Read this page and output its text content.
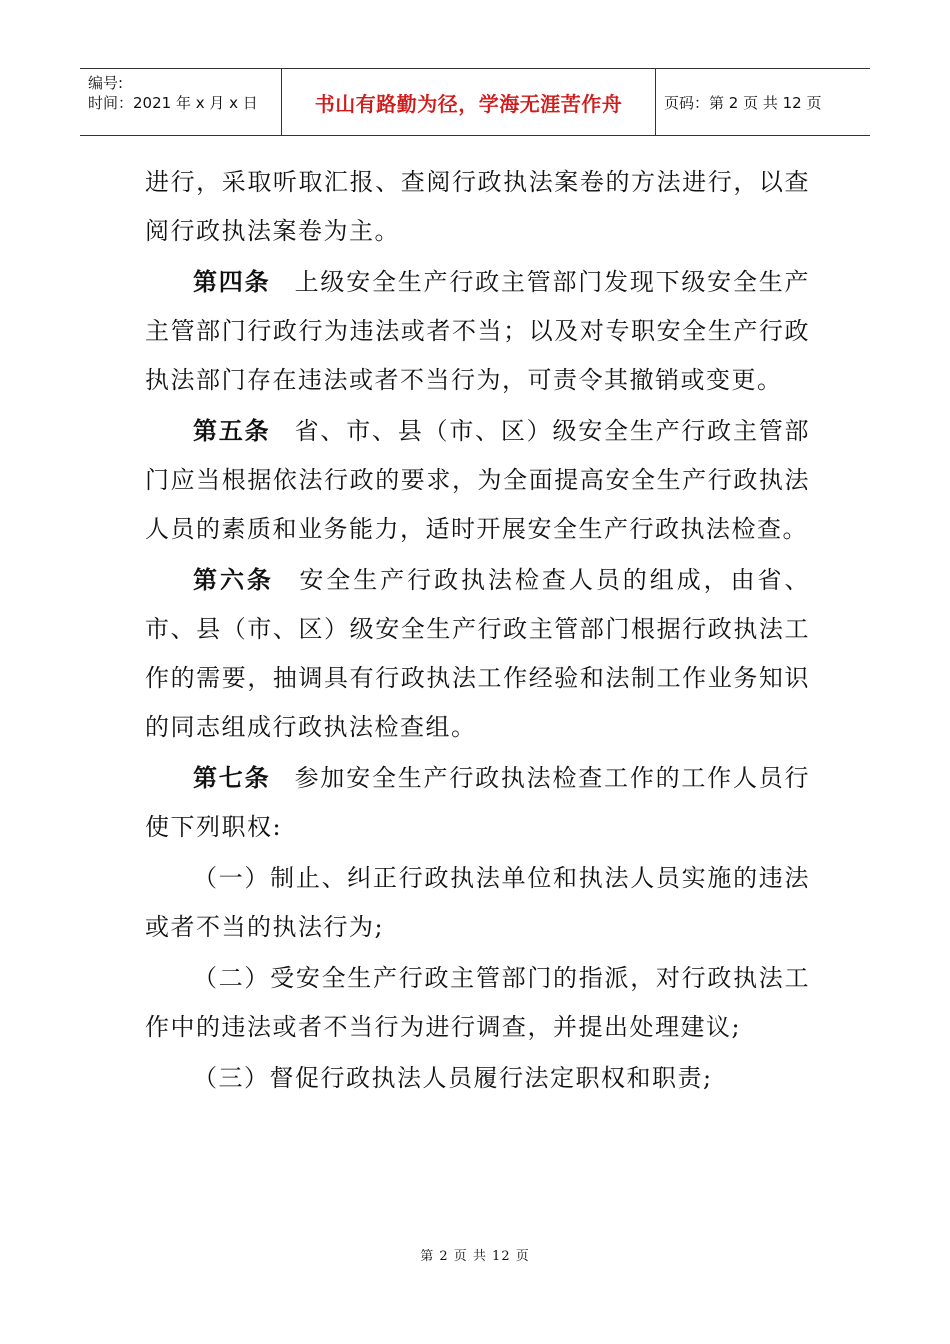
编号:
时间：2021 年 x 月 x 日	书山有路勤为径，学海无涯苦作舟	页码：第 2 页 共 12 页

进行，采取听取汇报、查阅行政执法案卷的方法进行，以查阅行政执法案卷为主。

第四条 上级安全生产行政主管部门发现下级安全生产主管部门行政行为违法或者不当；以及对专职安全生产行政执法部门存在违法或者不当行为，可责令其撤销或变更。

第五条 省、市、县（市、区）级安全生产行政主管部门应当根据依法行政的要求，为全面提高安全生产行政执法人员的素质和业务能力，适时开展安全生产行政执法检查。

第六条 安全生产行政执法检查人员的组成，由省、市、县（市、区）级安全生产行政主管部门根据行政执法工作的需要，抽调具有行政执法工作经验和法制工作业务知识的同志组成行政执法检查组。

第七条 参加安全生产行政执法检查工作的工作人员行使下列职权:

（一）制止、纠正行政执法单位和执法人员实施的违法或者不当的执法行为;

（二）受安全生产行政主管部门的指派，对行政执法工作中的违法或者不当行为进行调查，并提出处理建议;

（三）督促行政执法人员履行法定职权和职责;

第 2 页 共 12 页
